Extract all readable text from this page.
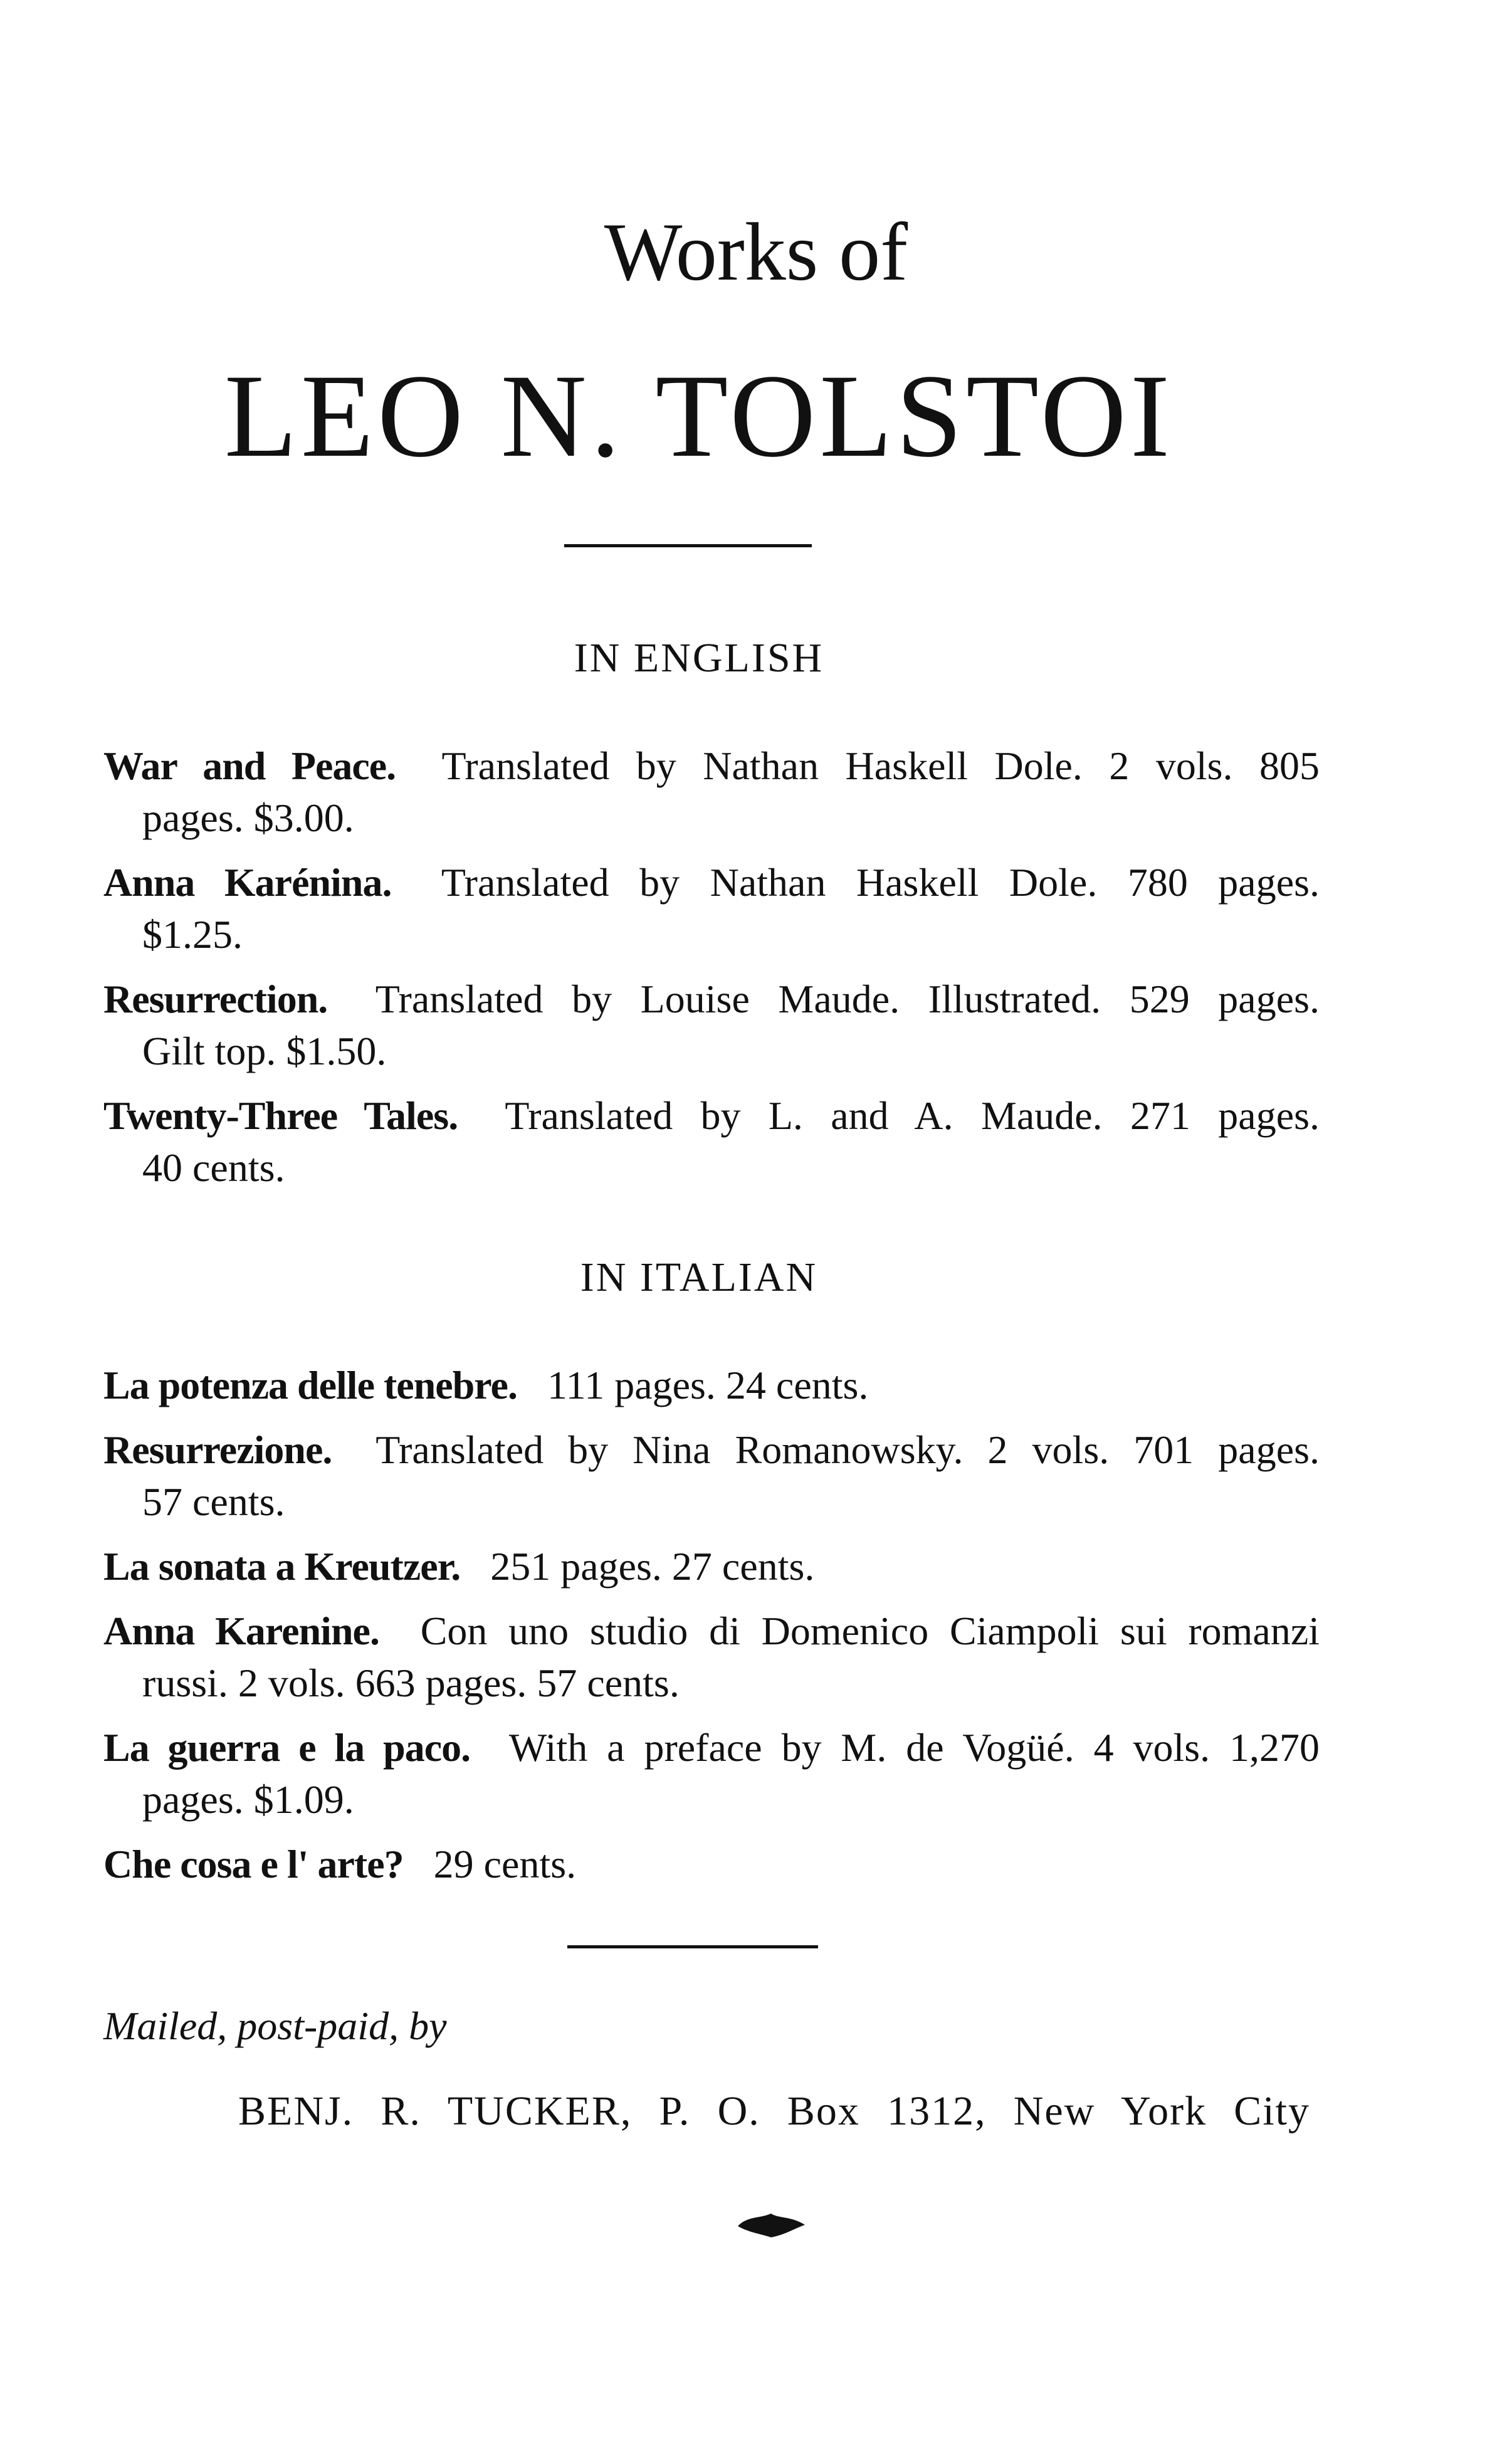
Works of
LEO N. TOLSTOI
IN ENGLISH
War and Peace.  Translated by Nathan Haskell Dole. 2 vols. 805
pages. $3.00.
Anna Karénina.  Translated by Nathan Haskell Dole. 780 pages.
$1.25.
Resurrection.  Translated by Louise Maude. Illustrated. 529 pages.
Gilt top. $1.50.
Twenty-Three Tales.  Translated by L. and A. Maude. 271 pages.
40 cents.
IN ITALIAN
La potenza delle tenebre.  111 pages. 24 cents.
Resurrezione.  Translated by Nina Romanowsky. 2 vols. 701 pages.
57 cents.
La sonata a Kreutzer.  251 pages. 27 cents.
Anna Karenine.  Con uno studio di Domenico Ciampoli sui romanzi
russi. 2 vols. 663 pages. 57 cents.
La guerra e la paco.  With a preface by M. de Vogüé. 4 vols. 1,270
pages. $1.09.
Che cosa e l' arte?  29 cents.
Mailed, post-paid, by
BENJ. R. TUCKER, P. O. Box 1312, New York City
